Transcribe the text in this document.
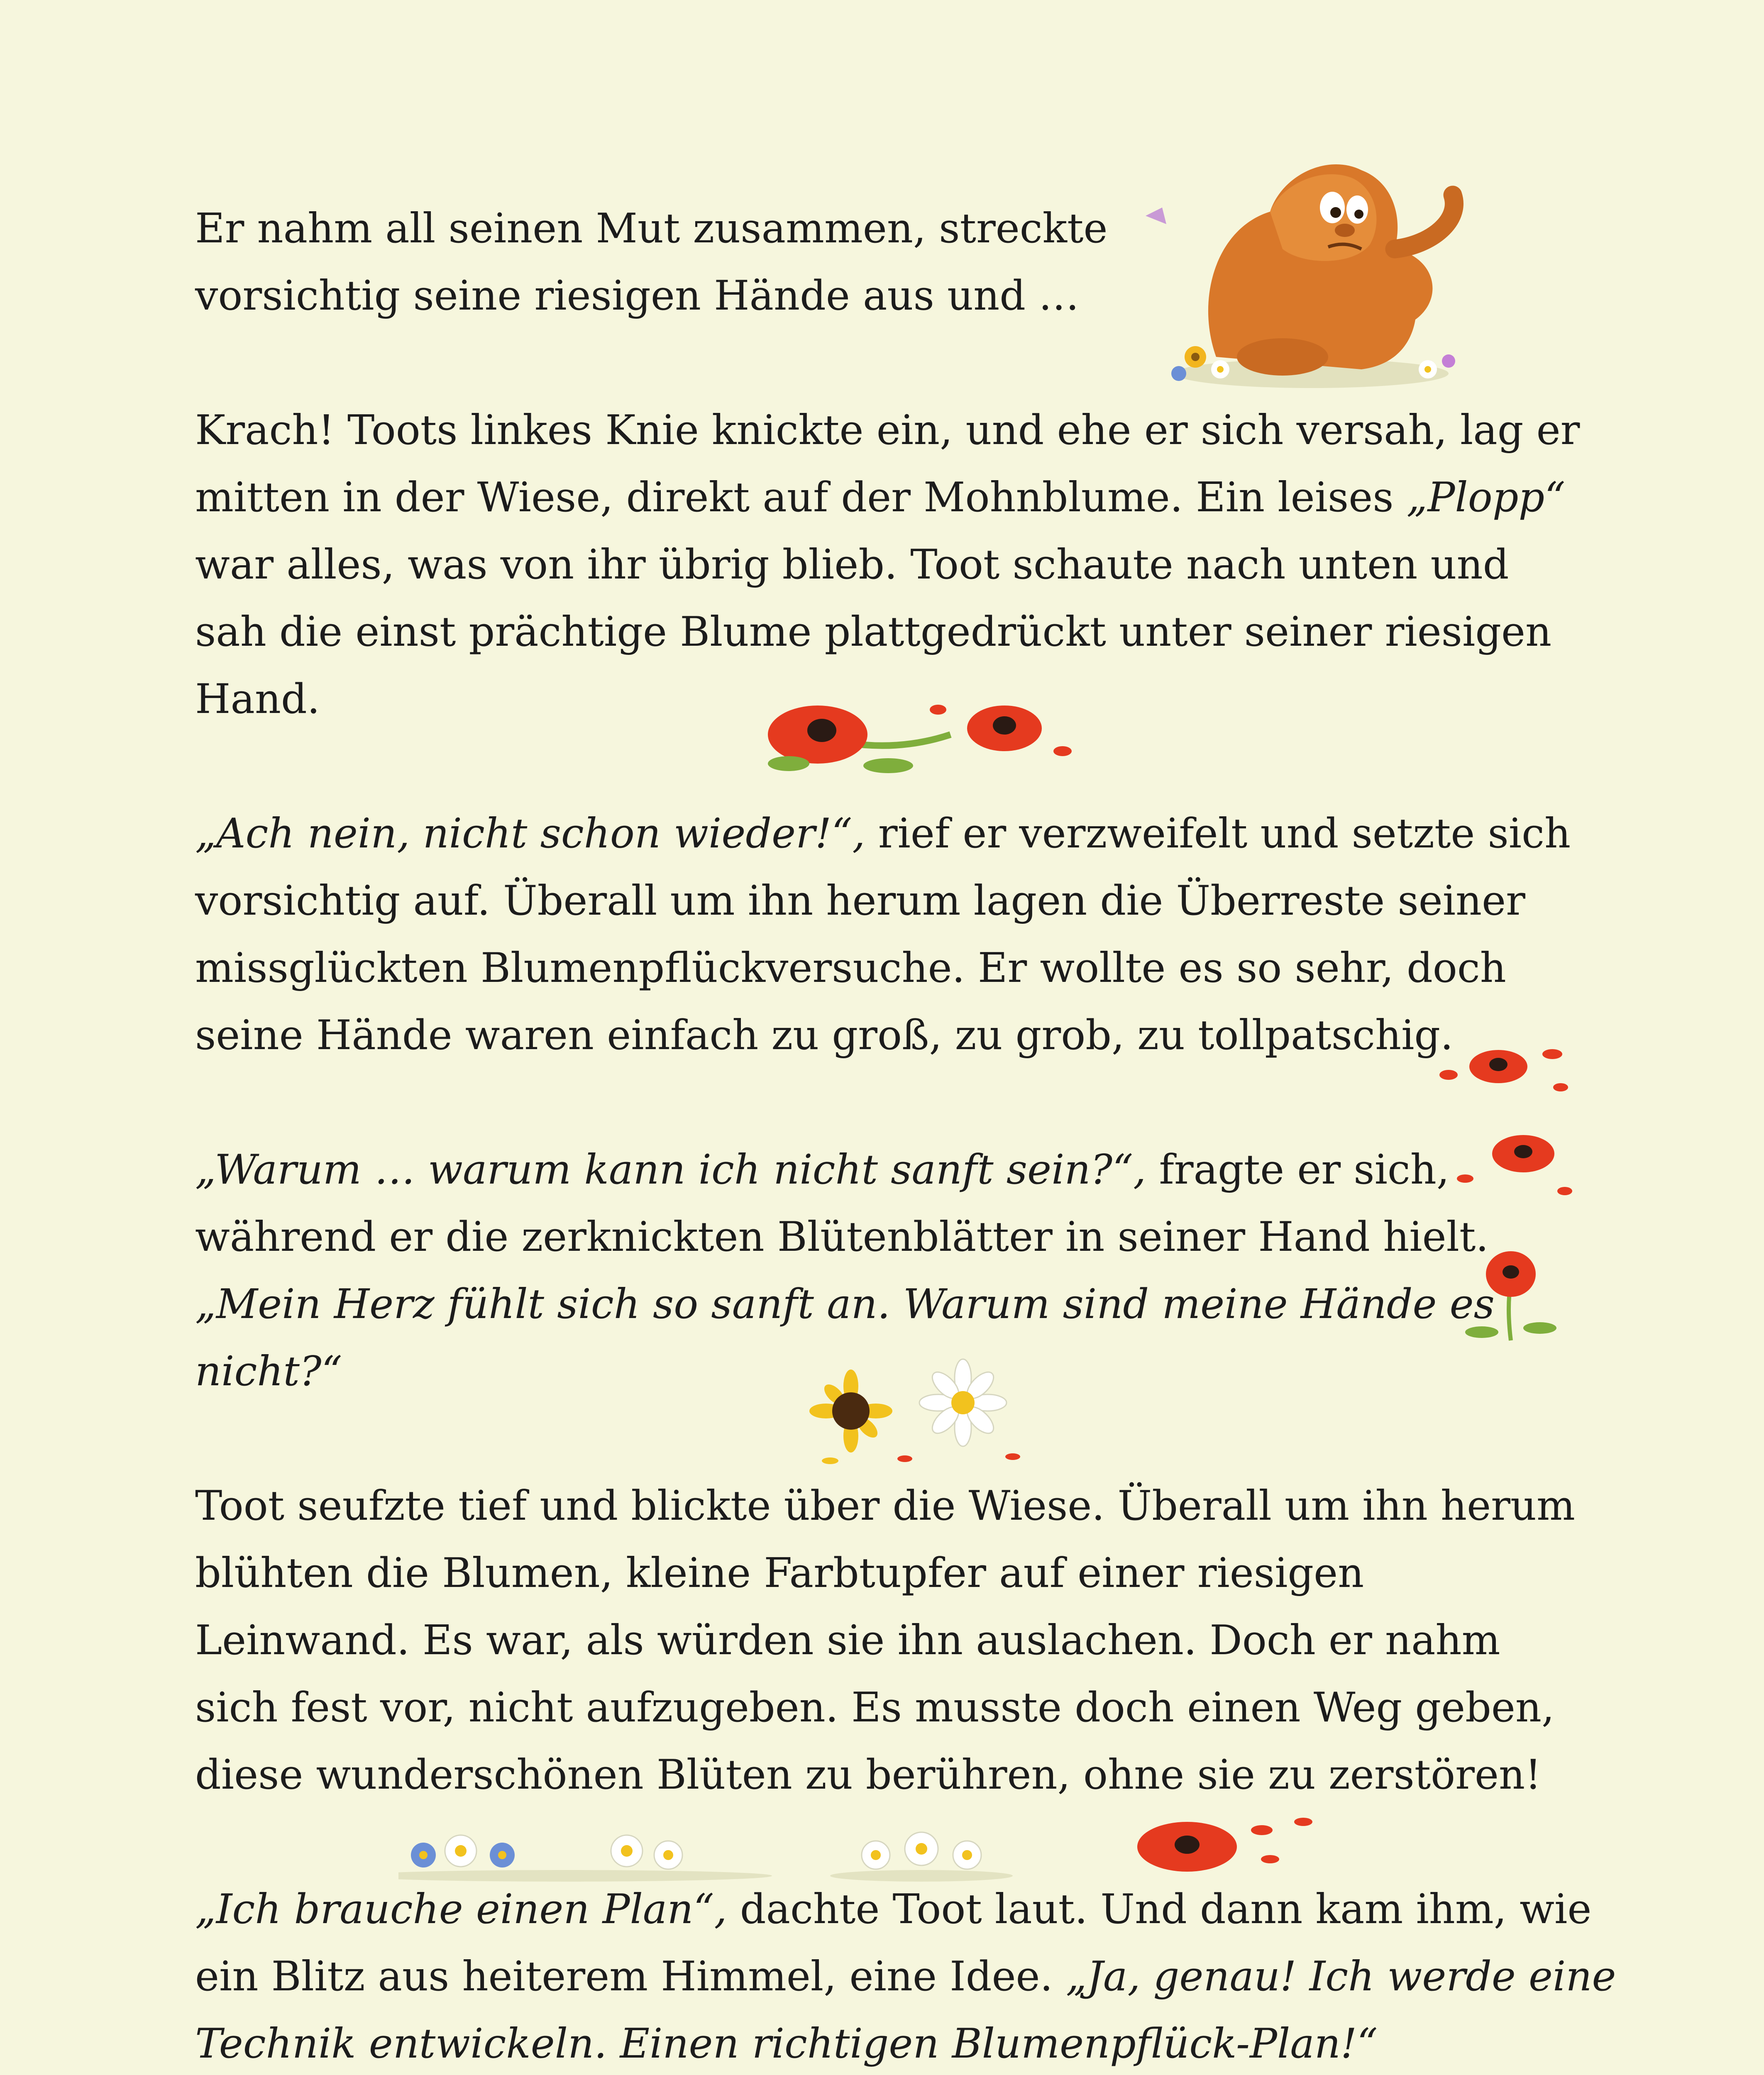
Er nahm all seinen Mut zusammen, streckte

vorsichtig seine riesigen Hände aus und …

Krach! Toots linkes Knie knickte ein, und ehe er sich versah, lag er

mitten in der Wiese, direkt auf der Mohnblume. Ein leises „Plopp“

war alles, was von ihr übrig blieb. Toot schaute nach unten und

sah die einst prächtige Blume plattgedrückt unter seiner riesigen

Hand.

„Ach nein, nicht schon wieder!“, rief er verzweifelt und setzte sich

vorsichtig auf. Überall um ihn herum lagen die Überreste seiner

missglückten Blumenpflückversuche. Er wollte es so sehr, doch

seine Hände waren einfach zu groß, zu grob, zu tollpatschig.

„Warum … warum kann ich nicht sanft sein?“, fragte er sich,

während er die zerknickten Blütenblätter in seiner Hand hielt.

„Mein Herz fühlt sich so sanft an. Warum sind meine Hände es

nicht?“

Toot seufzte tief und blickte über die Wiese. Überall um ihn herum

blühten die Blumen, kleine Farbtupfer auf einer riesigen

Leinwand. Es war, als würden sie ihn auslachen. Doch er nahm

sich fest vor, nicht aufzugeben. Es musste doch einen Weg geben,

diese wunderschönen Blüten zu berühren, ohne sie zu zerstören!

„Ich brauche einen Plan“, dachte Toot laut. Und dann kam ihm, wie

ein Blitz aus heiterem Himmel, eine Idee. „Ja, genau! Ich werde eine

Technik entwickeln. Einen richtigen Blumenpflück-Plan!“
